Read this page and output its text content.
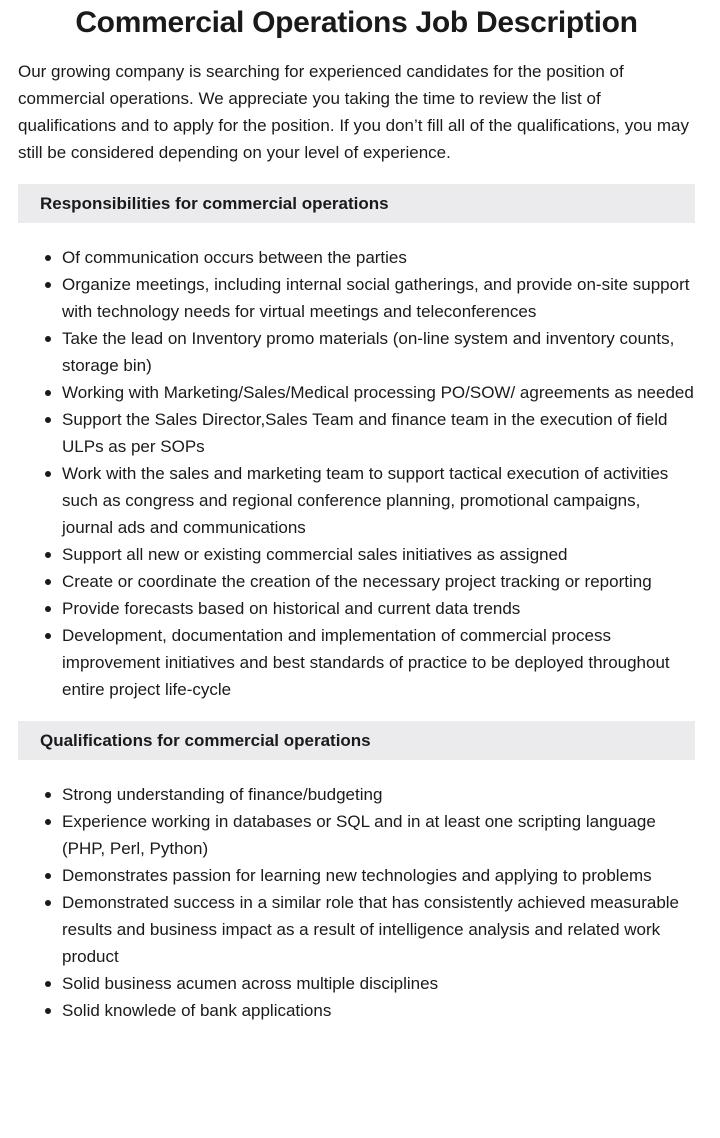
Commercial Operations Job Description

Our growing company is searching for experienced candidates for the position of commercial operations. We appreciate you taking the time to review the list of qualifications and to apply for the position. If you don’t fill all of the qualifications, you may still be considered depending on your level of experience.

Responsibilities for commercial operations
Of communication occurs between the parties
Organize meetings, including internal social gatherings, and provide on-site support with technology needs for virtual meetings and teleconferences
Take the lead on Inventory promo materials (on-line system and inventory counts, storage bin)
Working with Marketing/Sales/Medical processing PO/SOW/ agreements as needed
Support the Sales Director,Sales Team and finance team in the execution of field ULPs as per SOPs
Work with the sales and marketing team to support tactical execution of activities such as congress and regional conference planning, promotional campaigns, journal ads and communications
Support all new or existing commercial sales initiatives as assigned
Create or coordinate the creation of the necessary project tracking or reporting
Provide forecasts based on historical and current data trends
Development, documentation and implementation of commercial process improvement initiatives and best standards of practice to be deployed throughout entire project life-cycle
Qualifications for commercial operations
Strong understanding of finance/budgeting
Experience working in databases or SQL and in at least one scripting language (PHP, Perl, Python)
Demonstrates passion for learning new technologies and applying to problems
Demonstrated success in a similar role that has consistently achieved measurable results and business impact as a result of intelligence analysis and related work product
Solid business acumen across multiple disciplines
Solid knowlede of bank applications
